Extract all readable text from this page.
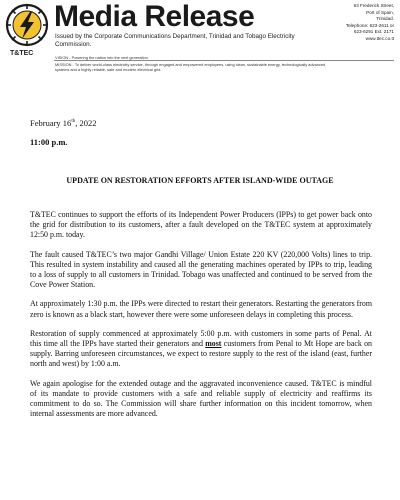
T&TEC
Media Release
Issued by the Corporate Communications Department, Trinidad and Tobago Electricity Commission.
63 Frederick Street,
Port of Spain,
Trinidad.
Telephone: 623-2611 or
623-6291 Ext. 2171
www.ttec.co.tt
VISION - Powering the nation into the next generation.
MISSION - To deliver world-class electricity service, through engaged and empowered employees, using clean, sustainable energy, technologically advanced systems and a highly reliable, safe and modern electrical grid.
February 16th, 2022
11:00 p.m.
UPDATE ON RESTORATION EFFORTS AFTER ISLAND-WIDE OUTAGE

T&TEC continues to support the efforts of its Independent Power Producers (IPPs) to get power back onto the grid for distribution to its customers, after a fault developed on the T&TEC system at approximately 12:50 p.m. today.

The fault caused T&TEC’s two major Gandhi Village/ Union Estate 220 KV (220,000 Volts) lines to trip. This resulted in system instability and caused all the generating machines operated by IPPs to trip, leading to a loss of supply to all customers in Trinidad. Tobago was unaffected and continued to be served from the Cove Power Station.

At approximately 1:30 p.m. the IPPs were directed to restart their generators. Restarting the generators from zero is known as a black start, however there were some unforeseen delays in completing this process.

Restoration of supply commenced at approximately 5:00 p.m. with customers in some parts of Penal. At this time all the IPPs have started their generators and most customers from Penal to Mt Hope are back on supply. Barring unforeseen circumstances, we expect to restore supply to the rest of the island (east, further north and west) by 1:00 a.m.

We again apologise for the extended outage and the aggravated inconvenience caused. T&TEC is mindful of its mandate to provide customers with a safe and reliable supply of electricity and reaffirms its commitment to do so. The Commission will share further information on this incident tomorrow, when internal assessments are more advanced.
